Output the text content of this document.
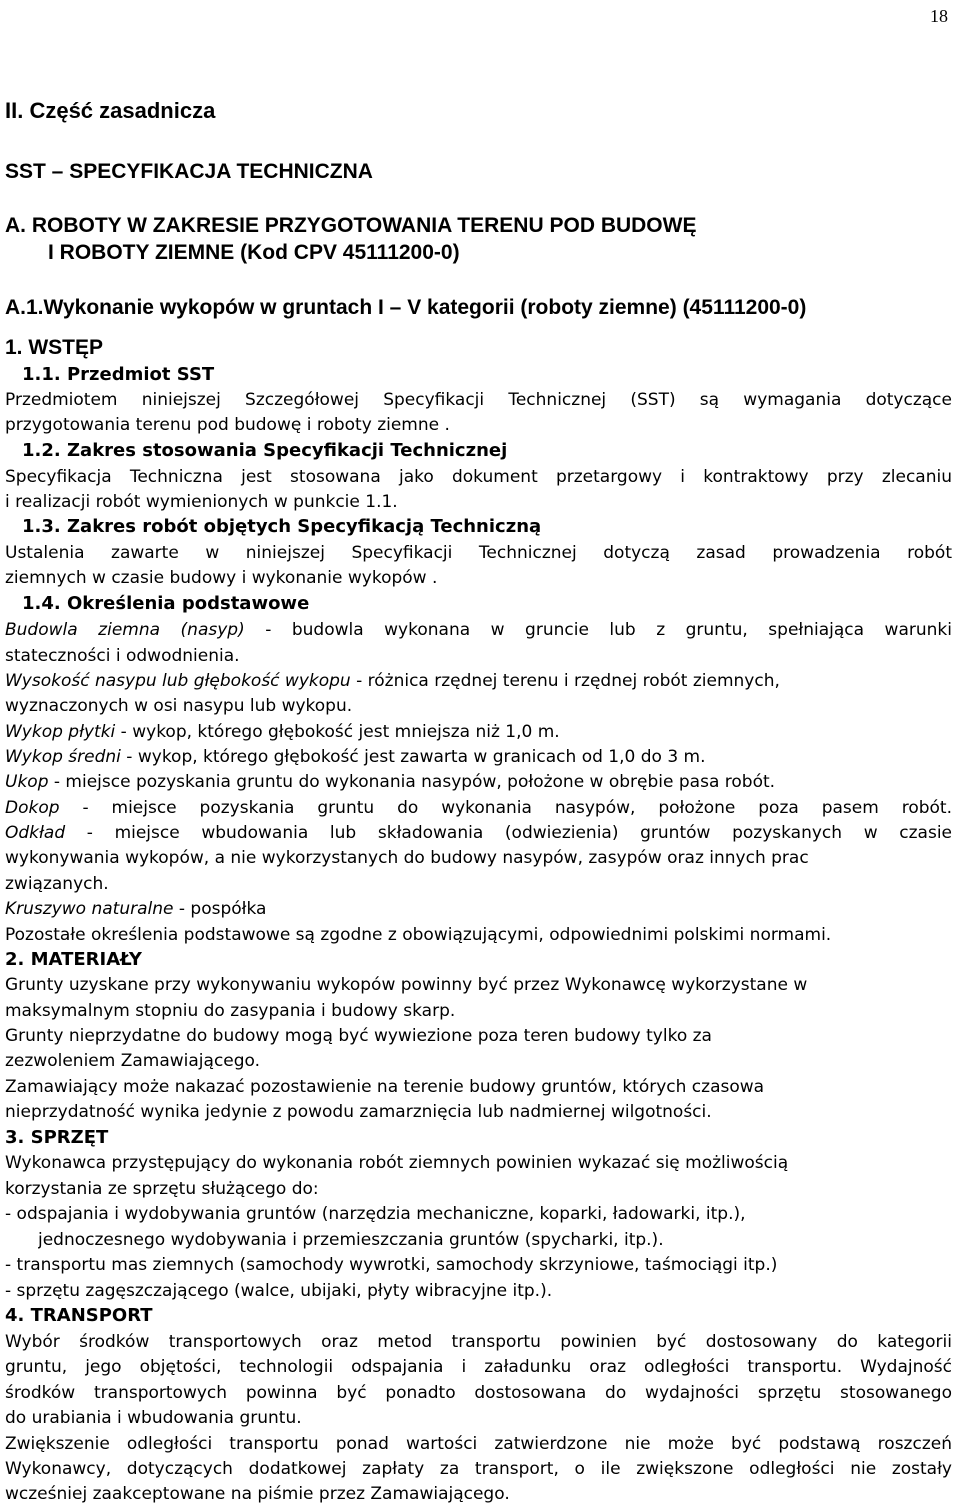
18
II. Część zasadnicza
SST – SPECYFIKACJA TECHNICZNA
A. ROBOTY W ZAKRESIE PRZYGOTOWANIA TERENU POD BUDOWĘ
I ROBOTY ZIEMNE (Kod CPV 45111200-0)
A.1.Wykonanie wykopów w gruntach I – V kategorii (roboty ziemne) (45111200-0)
1. WSTĘP
1.1. Przedmiot SST
Przedmiotem niniejszej Szczegółowej Specyfikacji Technicznej (SST) są wymagania dotyczące
przygotowania terenu pod budowę i roboty ziemne .
1.2. Zakres stosowania Specyfikacji Technicznej
Specyfikacja Techniczna jest stosowana jako dokument przetargowy i kontraktowy przy zlecaniu
i realizacji robót wymienionych w punkcie 1.1.
1.3. Zakres robót objętych Specyfikacją Techniczną
Ustalenia zawarte w niniejszej Specyfikacji Technicznej dotyczą zasad prowadzenia robót
ziemnych w czasie budowy i wykonanie wykopów .
1.4. Określenia podstawowe
Budowla ziemna (nasyp) - budowla wykonana w gruncie lub z gruntu, spełniająca warunki
stateczności i odwodnienia.
Wysokość nasypu lub głębokość wykopu - różnica rzędnej terenu i rzędnej robót ziemnych,
wyznaczonych w osi nasypu lub wykopu.
Wykop płytki - wykop, którego głębokość jest mniejsza niż 1,0 m.
Wykop średni - wykop, którego głębokość jest zawarta w granicach od 1,0 do 3 m.
Ukop - miejsce pozyskania gruntu do wykonania nasypów, położone w obrębie pasa robót.
Dokop - miejsce pozyskania gruntu do wykonania nasypów, położone poza pasem robót.
Odkład - miejsce wbudowania lub składowania (odwiezienia) gruntów pozyskanych w czasie
wykonywania wykopów, a nie wykorzystanych do budowy nasypów, zasypów oraz innych prac
związanych.
Kruszywo naturalne - pospółka
Pozostałe określenia podstawowe są zgodne z obowiązującymi, odpowiednimi polskimi normami.
2. MATERIAŁY
Grunty uzyskane przy wykonywaniu wykopów powinny być przez Wykonawcę wykorzystane w
maksymalnym stopniu do zasypania i budowy skarp.
Grunty nieprzydatne do budowy mogą być wywiezione poza teren budowy tylko za
zezwoleniem Zamawiającego.
Zamawiający może nakazać pozostawienie na terenie budowy gruntów, których czasowa
nieprzydatność wynika jedynie z powodu zamarznięcia lub nadmiernej wilgotności.
3. SPRZĘT
Wykonawca przystępujący do wykonania robót ziemnych powinien wykazać się możliwością
korzystania ze sprzętu służącego do:
- odspajania i wydobywania gruntów (narzędzia mechaniczne, koparki, ładowarki, itp.),
jednoczesnego wydobywania i przemieszczania gruntów (spycharki, itp.).
- transportu mas ziemnych (samochody wywrotki, samochody skrzyniowe, taśmociągi itp.)
- sprzętu zagęszczającego (walce, ubijaki, płyty wibracyjne itp.).
4. TRANSPORT
Wybór środków transportowych oraz metod transportu powinien być dostosowany do kategorii
gruntu, jego objętości, technologii odspajania i załadunku oraz odległości transportu. Wydajność
środków transportowych powinna być ponadto dostosowana do wydajności sprzętu stosowanego
do urabiania i wbudowania gruntu.
Zwiększenie odległości transportu ponad wartości zatwierdzone nie może być podstawą roszczeń
Wykonawcy, dotyczących dodatkowej zapłaty za transport, o ile zwiększone odległości nie zostały
wcześniej zaakceptowane na piśmie przez Zamawiającego.
